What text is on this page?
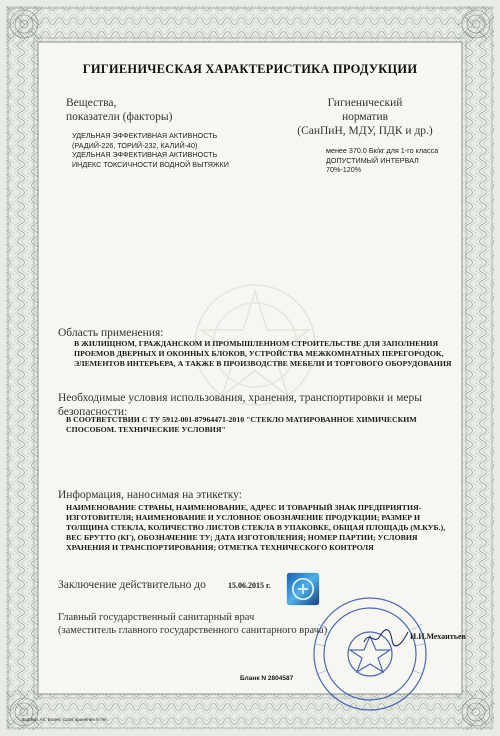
ГИГИЕНИЧЕСКАЯ ХАРАКТЕРИСТИКА ПРОДУКЦИИ
Вещества,
показатели (факторы)
Гигиенический
норматив
(СанПиН, МДУ, ПДК и др.)
УДЕЛЬНАЯ ЭФФЕКТИВНАЯ АКТИВНОСТЬ
(РАДИЙ-226, ТОРИЙ-232, КАЛИЙ-40)
УДЕЛЬНАЯ ЭФФЕКТИВНАЯ АКТИВНОСТЬ
ИНДЕКС ТОКСИЧНОСТИ ВОДНОЙ ВЫТЯЖКИ
менее 370.0 Бк/кг для 1-го класса
ДОПУСТИМЫЙ ИНТЕРВАЛ
70%-120%
Область применения:
В ЖИЛИЩНОМ, ГРАЖДАНСКОМ И ПРОМЫШЛЕННОМ СТРОИТЕЛЬСТВЕ ДЛЯ ЗАПОЛНЕНИЯ
ПРОЕМОВ ДВЕРНЫХ И ОКОННЫХ БЛОКОВ, УСТРОЙСТВА МЕЖКОМНАТНЫХ ПЕРЕГОРОДОК,
ЭЛЕМЕНТОВ ИНТЕРЬЕРА, А ТАКЖЕ В ПРОИЗВОДСТВЕ МЕБЕЛИ И ТОРГОВОГО ОБОРУДОВАНИЯ
Необходимые условия использования, хранения, транспортировки и меры
безопасности:
В СООТВЕТСТВИИ С ТУ 5912-001-87964471-2010 "СТЕКЛО МАТИРОВАННОЕ ХИМИЧЕСКИМ
СПОСОБОМ. ТЕХНИЧЕСКИЕ УСЛОВИЯ"
Информация, наносимая на этикетку:
НАИМЕНОВАНИЕ СТРАНЫ, НАИМЕНОВАНИЕ, АДРЕС И ТОВАРНЫЙ ЗНАК ПРЕДПРИЯТИЯ-
ИЗГОТОВИТЕЛЯ; НАИМЕНОВАНИЕ И УСЛОВНОЕ ОБОЗНАЧЕНИЕ ПРОДУКЦИИ; РАЗМЕР И
ТОЛЩИНА СТЕКЛА, КОЛИЧЕСТВО ЛИСТОВ СТЕКЛА В УПАКОВКЕ, ОБЩАЯ ПЛОЩАДЬ (М.КУБ.),
ВЕС БРУТТО (КГ), ОБОЗНАЧЕНИЕ ТУ; ДАТА ИЗГОТОВЛЕНИЯ; НОМЕР ПАРТИИ; УСЛОВИЯ
ХРАНЕНИЯ И ТРАНСПОРТИРОВАНИЯ; ОТМЕТКА ТЕХНИЧЕСКОГО КОНТРОЛЯ
Заключение действительно до	15.06.2015 г.
Главный государственный санитарный врач
(заместитель главного государственного санитарного врача)
И.И.Механтьев
Бланк N 2804587
Формат А4. Бланк. Срок хранения 5 лет.
